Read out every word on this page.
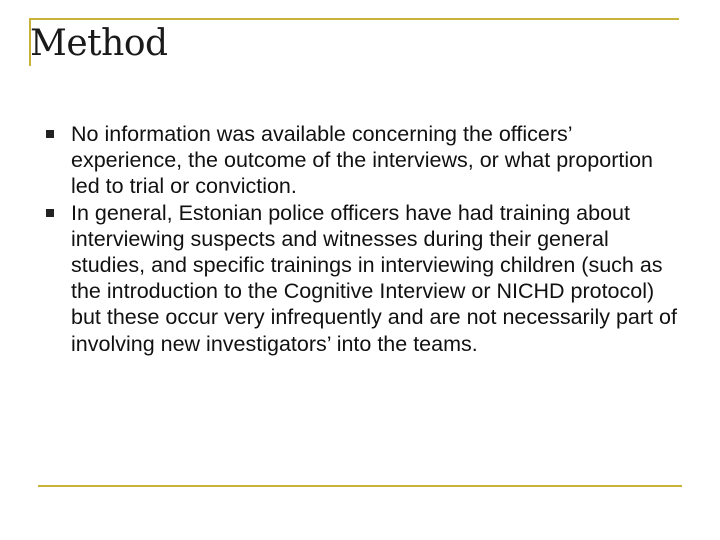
Method
No information was available concerning the officers’ experience, the outcome of the interviews, or what proportion led to trial or conviction.
In general, Estonian police officers have had training about interviewing suspects and witnesses during their general studies, and specific trainings in interviewing children (such as the introduction to the Cognitive Interview or NICHD protocol) but these occur very infrequently and are not necessarily part of involving new investigators’ into the teams.
